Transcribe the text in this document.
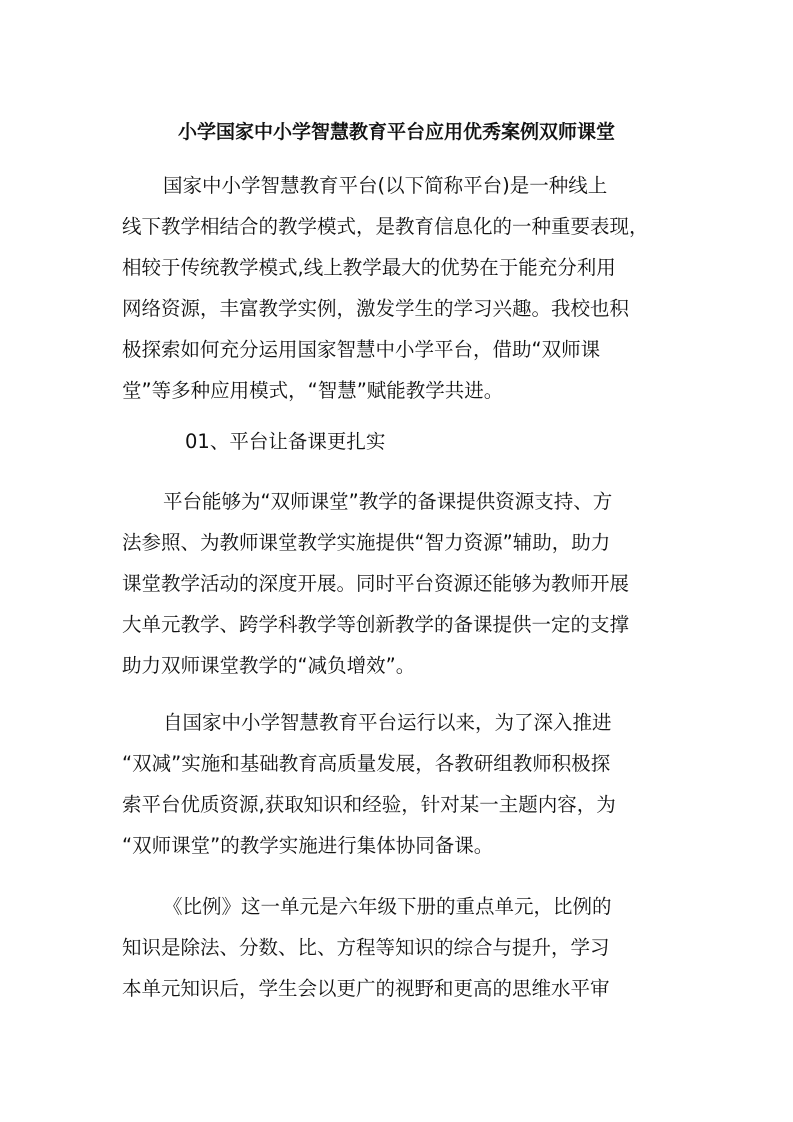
小学国家中小学智慧教育平台应用优秀案例双师课堂
国家中小学智慧教育平台(以下简称平台)是一种线上
线下教学相结合的教学模式，是教育信息化的一种重要表现，
相较于传统教学模式,线上教学最大的优势在于能充分利用
网络资源，丰富教学实例，激发学生的学习兴趣。我校也积
极探索如何充分运用国家智慧中小学平台，借助“双师课
堂”等多种应用模式，“智慧”赋能教学共进。
01、平台让备课更扎实
平台能够为“双师课堂”教学的备课提供资源支持、方
法参照、为教师课堂教学实施提供“智力资源”辅助，助力
课堂教学活动的深度开展。同时平台资源还能够为教师开展
大单元教学、跨学科教学等创新教学的备课提供一定的支撑
助力双师课堂教学的“减负增效”。
自国家中小学智慧教育平台运行以来，为了深入推进
“双减”实施和基础教育高质量发展，各教研组教师积极探
索平台优质资源,获取知识和经验，针对某一主题内容，为
“双师课堂”的教学实施进行集体协同备课。
《比例》这一单元是六年级下册的重点单元，比例的
知识是除法、分数、比、方程等知识的综合与提升，学习
本单元知识后，学生会以更广的视野和更高的思维水平审
